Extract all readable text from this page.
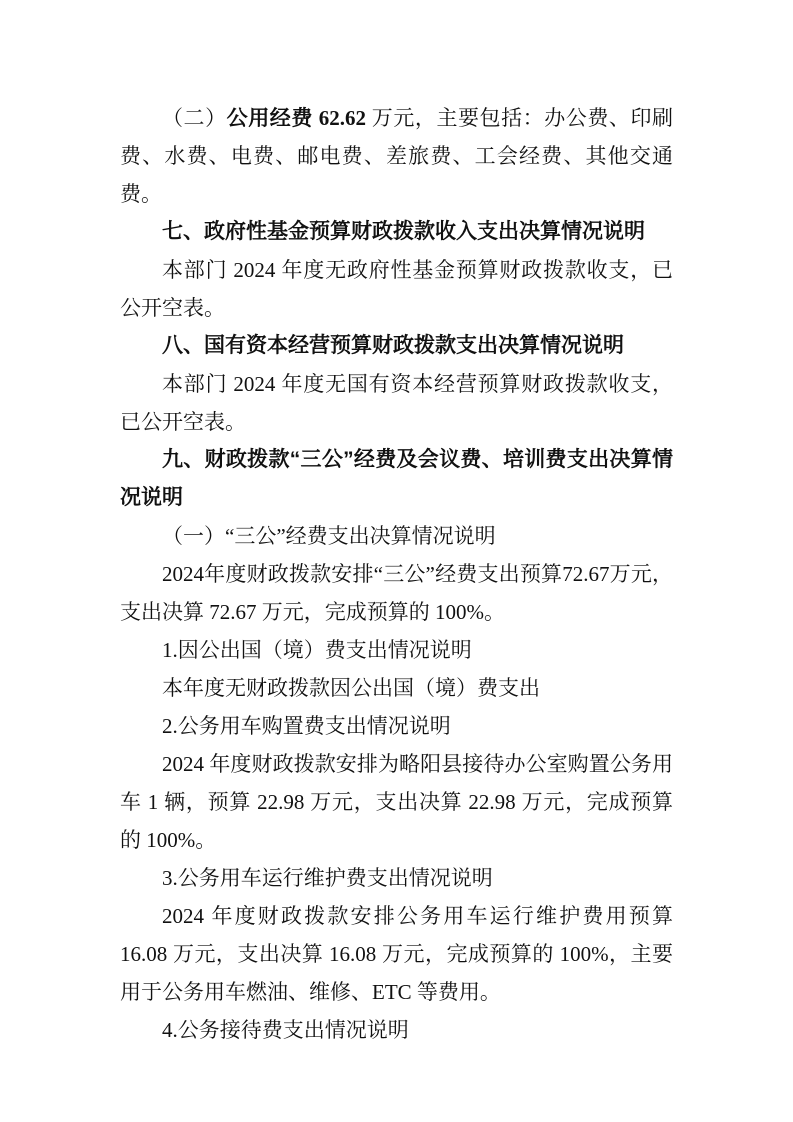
（二）公用经费 62.62 万元，主要包括：办公费、印刷费、水费、电费、邮电费、差旅费、工会经费、其他交通费。

七、政府性基金预算财政拨款收入支出决算情况说明

本部门 2024 年度无政府性基金预算财政拨款收支，已公开空表。

八、国有资本经营预算财政拨款支出决算情况说明

本部门 2024 年度无国有资本经营预算财政拨款收支，已公开空表。

九、财政拨款“三公”经费及会议费、培训费支出决算情况说明

（一）“三公”经费支出决算情况说明

2024年度财政拨款安排“三公”经费支出预算72.67万元，支出决算 72.67 万元，完成预算的 100%。

1.因公出国（境）费支出情况说明

本年度无财政拨款因公出国（境）费支出

2.公务用车购置费支出情况说明

2024 年度财政拨款安排为略阳县接待办公室购置公务用车 1 辆，预算 22.98 万元，支出决算 22.98 万元，完成预算的 100%。

3.公务用车运行维护费支出情况说明

2024 年度财政拨款安排公务用车运行维护费用预算 16.08 万元，支出决算 16.08 万元，完成预算的 100%，主要用于公务用车燃油、维修、ETC 等费用。

4.公务接待费支出情况说明
